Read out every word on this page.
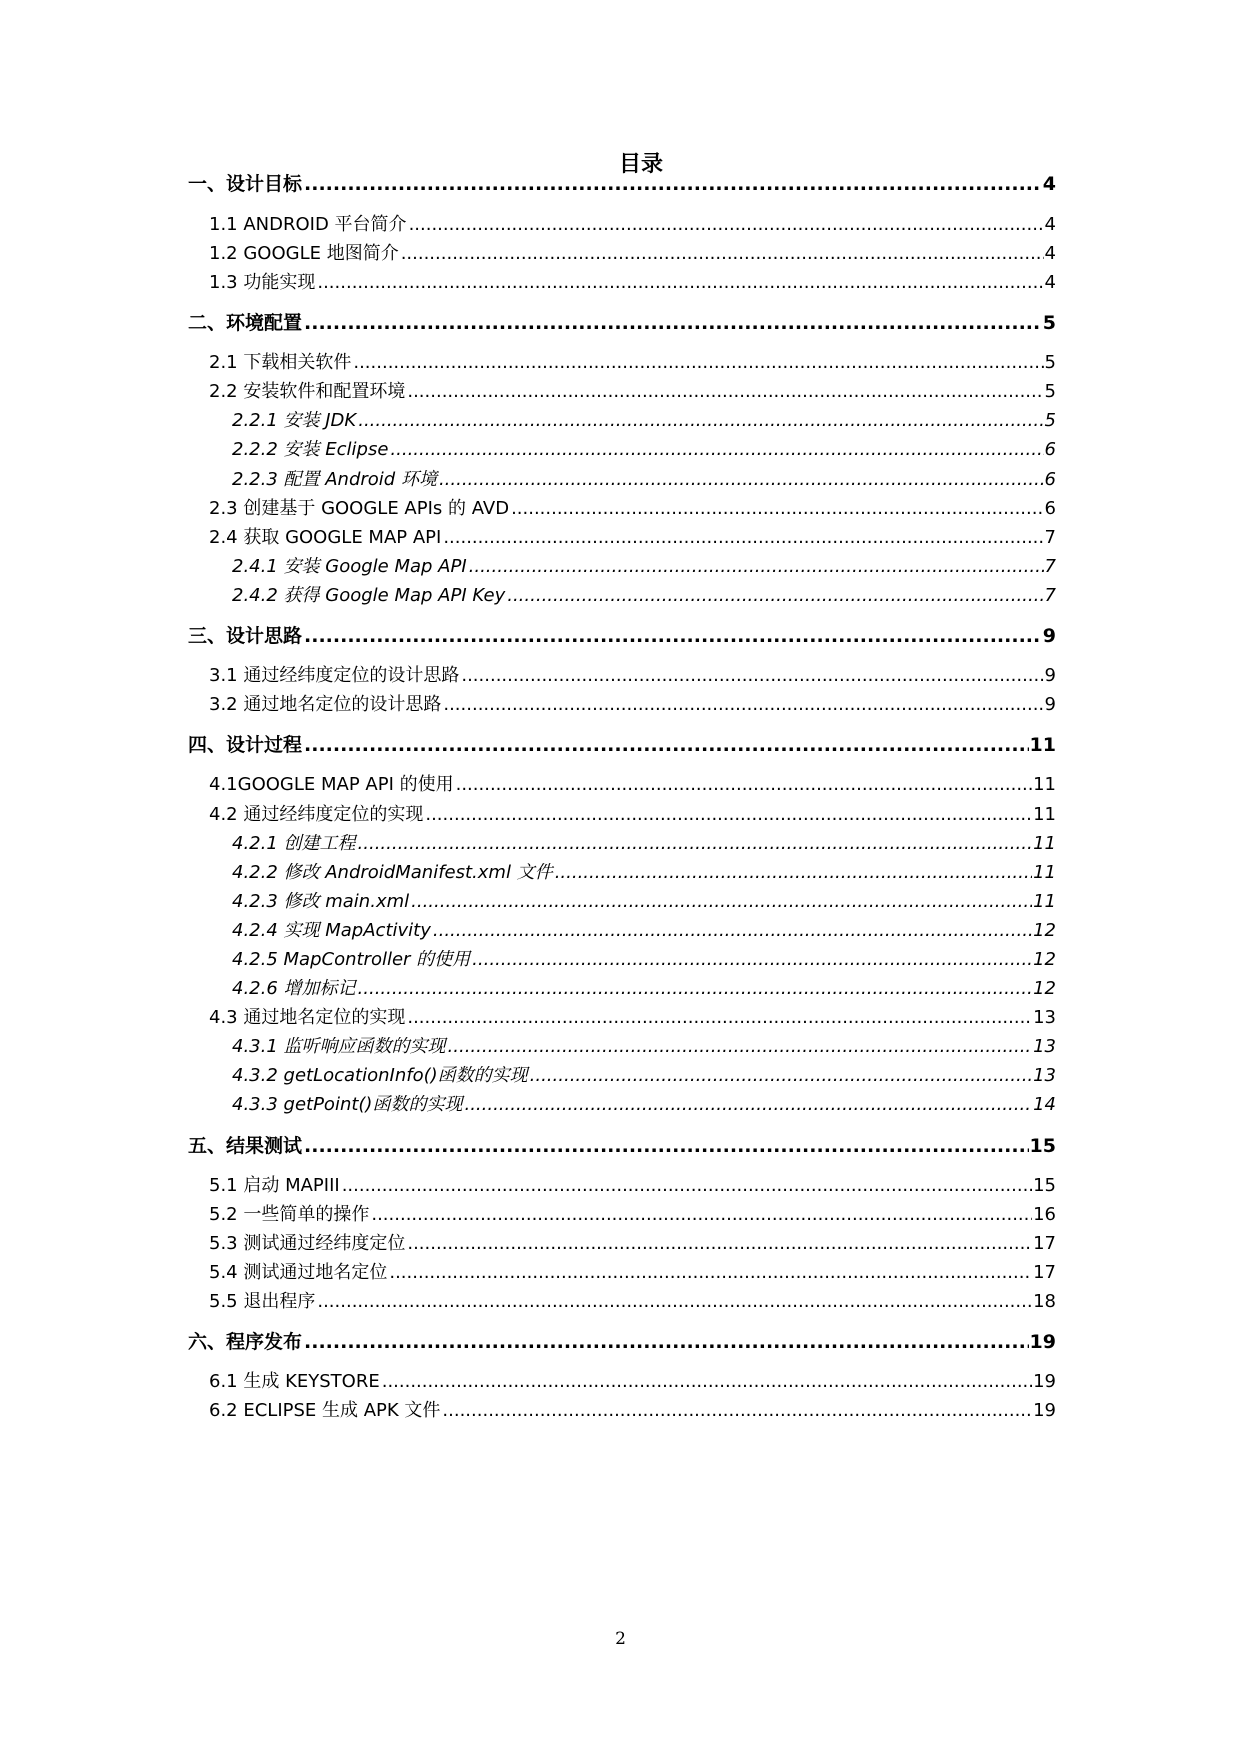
目录
一、设计目标 .....	4
1.1 ANDROID 平台简介 .....	4
1.2 GOOGLE 地图简介 .....	4
1.3 功能实现 .....	4
二、环境配置 .....	5
2.1 下载相关软件 .....	5
2.2 安装软件和配置环境 .....	5
2.2.1 安装 JDK .....	5
2.2.2 安装 Eclipse .....	6
2.2.3 配置 Android 环境 .....	6
2.3 创建基于 GOOGLE APIs 的 AVD .....	6
2.4 获取 GOOGLE MAP API .....	7
2.4.1 安装 Google Map API .....	7
2.4.2 获得 Google Map API Key .....	7
三、设计思路 .....	9
3.1 通过经纬度定位的设计思路 .....	9
3.2 通过地名定位的设计思路 .....	9
四、设计过程 .....	11
4.1GOOGLE MAP API 的使用 .....	11
4.2 通过经纬度定位的实现 .....	11
4.2.1 创建工程 .....	11
4.2.2 修改 AndroidManifest.xml 文件 .....	11
4.2.3 修改 main.xml .....	11
4.2.4 实现 MapActivity .....	12
4.2.5 MapController 的使用 .....	12
4.2.6 增加标记 .....	12
4.3 通过地名定位的实现 .....	13
4.3.1 监听响应函数的实现 .....	13
4.3.2 getLocationInfo()函数的实现 .....	13
4.3.3 getPoint()函数的实现 .....	14
五、结果测试 .....	15
5.1 启动 MAPIII .....	15
5.2 一些简单的操作 .....	16
5.3 测试通过经纬度定位 .....	17
5.4 测试通过地名定位 .....	17
5.5 退出程序 .....	18
六、程序发布 .....	19
6.1 生成 KEYSTORE .....	19
6.2 ECLIPSE 生成 APK 文件 .....	19
2
